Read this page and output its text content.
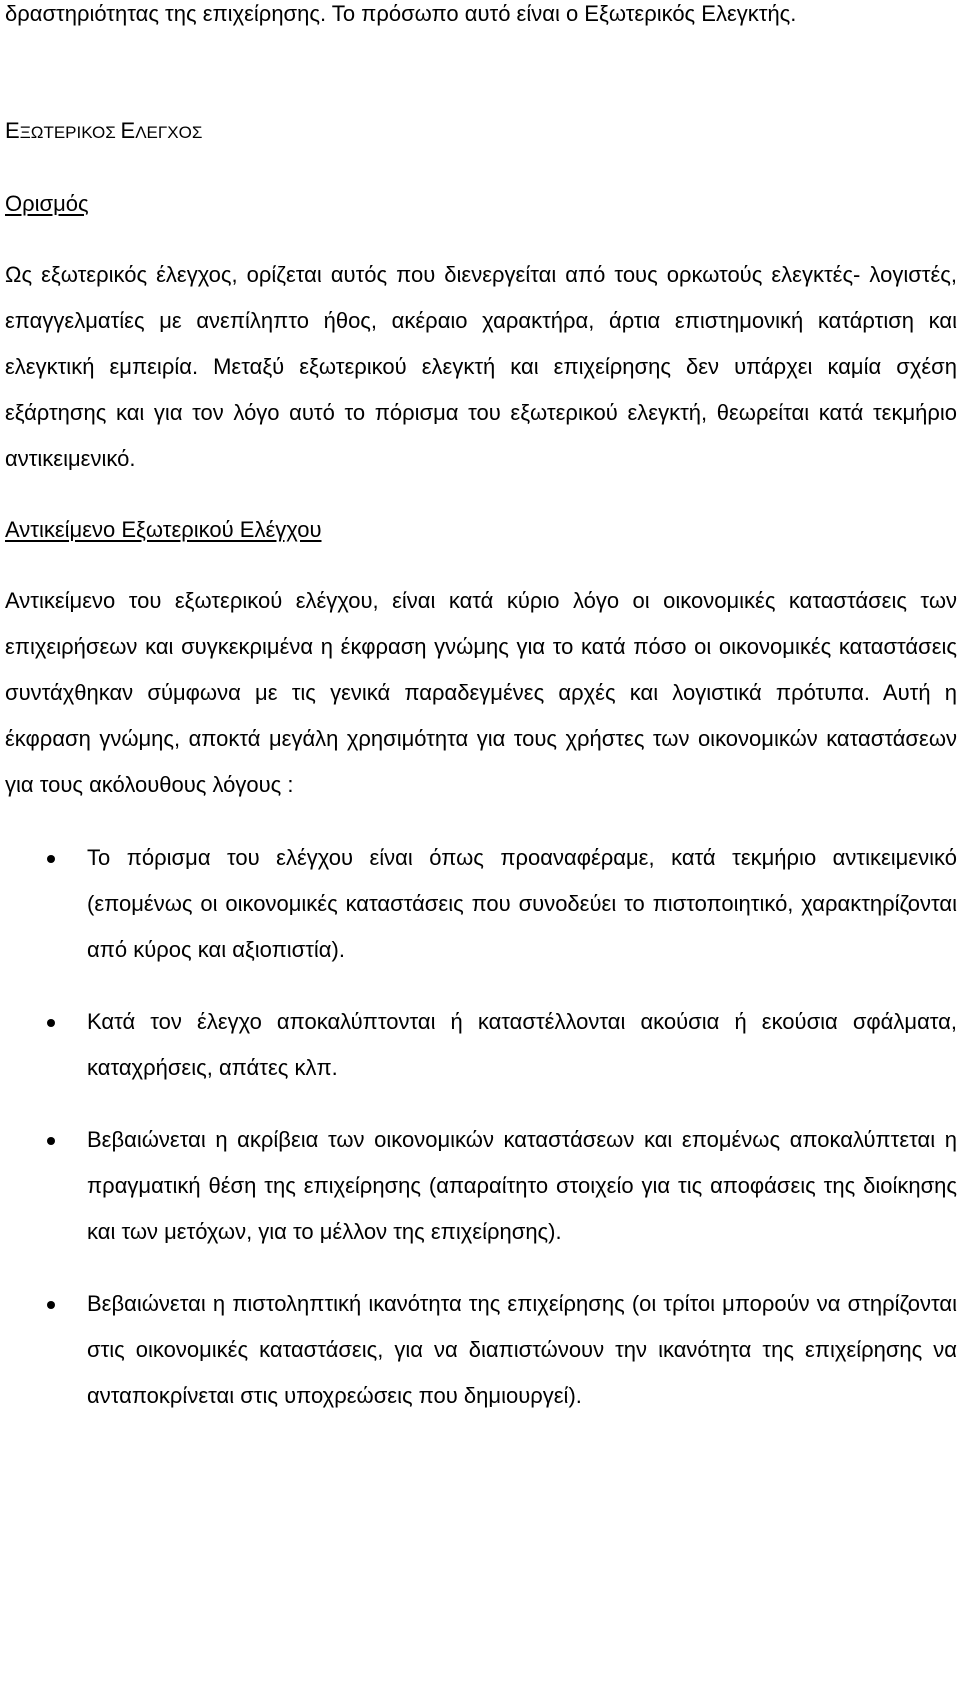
δραστηριότητας της επιχείρησης. Το πρόσωπο αυτό είναι ο Εξωτερικός Ελεγκτής.

ΕΞΩΤΕΡΙΚΟΣ ΕΛΕΓΧΟΣ

Ορισμός

Ως εξωτερικός έλεγχος, ορίζεται αυτός που διενεργείται από τους ορκωτούς ελεγκτές- λογιστές, επαγγελματίες με ανεπίληπτο ήθος, ακέραιο χαρακτήρα, άρτια επιστημονική κατάρτιση και ελεγκτική εμπειρία. Μεταξύ εξωτερικού ελεγκτή και επιχείρησης δεν υπάρχει καμία σχέση εξάρτησης και για τον λόγο αυτό το πόρισμα του εξωτερικού ελεγκτή, θεωρείται κατά τεκμήριο αντικειμενικό.

Αντικείμενο Εξωτερικού Ελέγχου

Αντικείμενο του εξωτερικού ελέγχου, είναι κατά κύριο λόγο οι οικονομικές καταστάσεις των επιχειρήσεων και συγκεκριμένα η έκφραση γνώμης για το κατά πόσο οι οικονομικές καταστάσεις συντάχθηκαν σύμφωνα με τις γενικά παραδεγμένες αρχές και λογιστικά πρότυπα. Αυτή η έκφραση γνώμης, αποκτά μεγάλη χρησιμότητα για τους χρήστες των οικονομικών καταστάσεων για τους ακόλουθους λόγους :

Το πόρισμα του ελέγχου είναι όπως προαναφέραμε, κατά τεκμήριο αντικειμενικό (επομένως οι οικονομικές καταστάσεις που συνοδεύει το πιστοποιητικό, χαρακτηρίζονται από κύρος και αξιοπιστία).
Κατά τον έλεγχο αποκαλύπτονται ή καταστέλλονται ακούσια ή εκούσια σφάλματα, καταχρήσεις, απάτες κλπ.
Βεβαιώνεται η ακρίβεια των οικονομικών καταστάσεων και επομένως αποκαλύπτεται η πραγματική θέση της επιχείρησης (απαραίτητο στοιχείο για τις αποφάσεις της διοίκησης και των μετόχων, για το μέλλον της επιχείρησης).
Βεβαιώνεται η πιστοληπτική ικανότητα της επιχείρησης (οι τρίτοι μπορούν να στηρίζονται στις οικονομικές καταστάσεις, για να διαπιστώνουν την ικανότητα της επιχείρησης να ανταποκρίνεται στις υποχρεώσεις που δημιουργεί).
